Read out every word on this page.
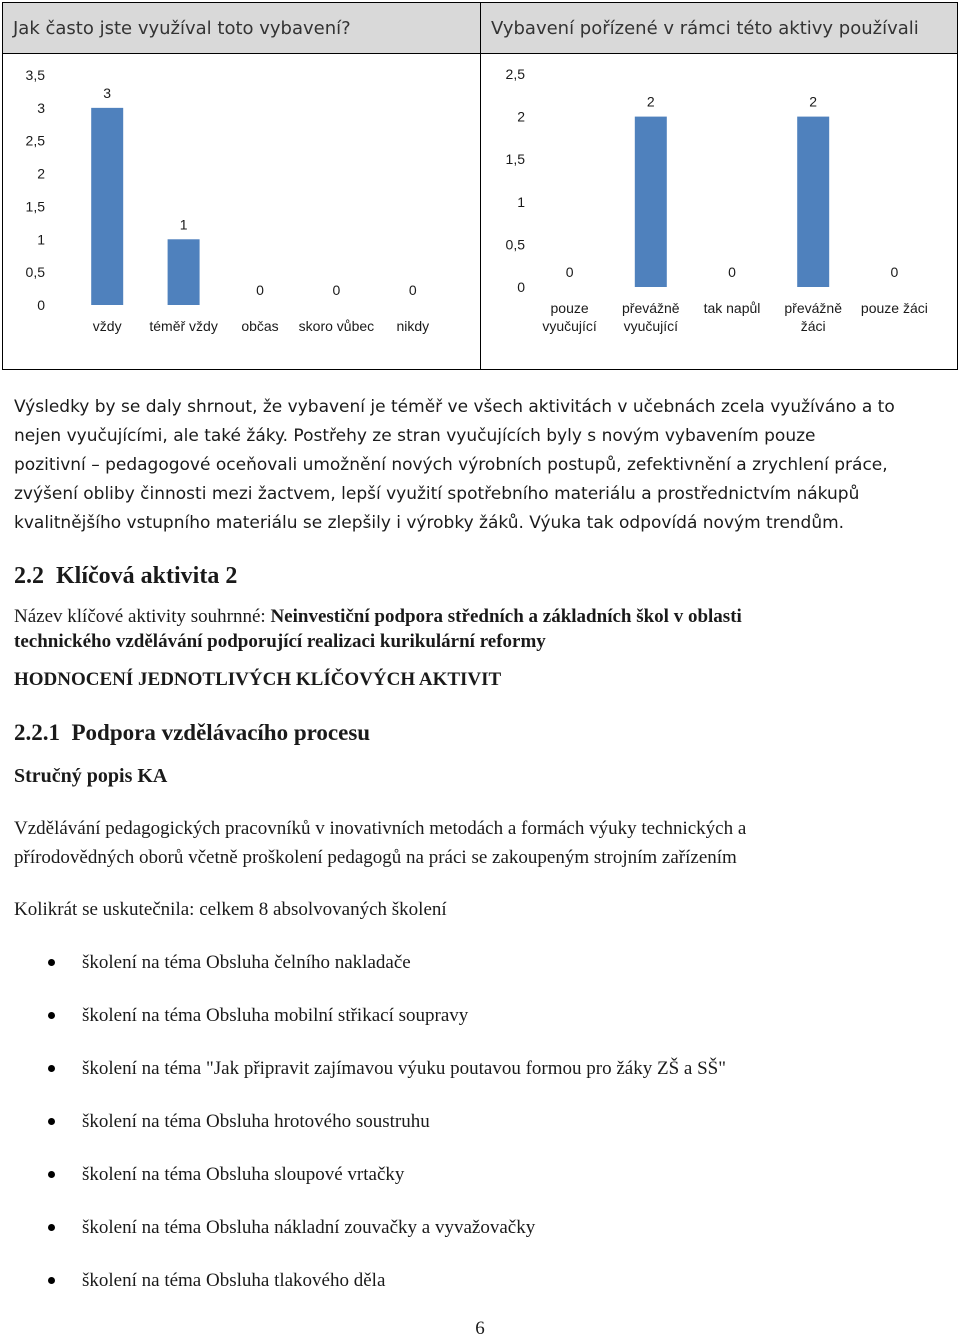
Jak často jste využíval toto vybavení?	Vybavení pořízené v rámci této aktivy používali
0
0,5
1
1,5
2
2,5
3
3,5
3
vždy
1
téměř vždy
0
občas
0
skoro vůbec
0
nikdy
0
0,5
1
1,5
2
2,5
0
pouze
vyučující
2
převážně
vyučující
0
tak napůl
2
převážně
žáci
0
pouze žáci
Výsledky by se daly shrnout, že vybavení je téměř ve všech aktivitách v učebnách zcela využíváno a to
nejen vyučujícími, ale také žáky. Postřehy ze stran vyučujících byly s novým vybavením pouze
pozitivní – pedagogové oceňovali umožnění nových výrobních postupů, zefektivnění a zrychlení práce,
zvýšení obliby činnosti mezi žactvem, lepší využití spotřebního materiálu a prostřednictvím nákupů
kvalitnějšího vstupního materiálu se zlepšily i výrobky žáků. Výuka tak odpovídá novým trendům.
2.2 Klíčová aktivita 2
Název klíčové aktivity souhrnné: Neinvestiční podpora středních a základních škol v oblasti
technického vzdělávání podporující realizaci kurikulární reformy
HODNOCENÍ JEDNOTLIVÝCH KLÍČOVÝCH AKTIVIT
2.2.1 Podpora vzdělávacího procesu
Stručný popis KA
Vzdělávání pedagogických pracovníků v inovativních metodách a formách výuky technických a
přírodovědných oborů včetně proškolení pedagogů na práci se zakoupeným strojním zařízením
Kolikrát se uskutečnila: celkem 8 absolvovaných školení
školení na téma Obsluha čelního nakladače
školení na téma Obsluha mobilní střikací soupravy
školení na téma "Jak připravit zajímavou výuku poutavou formou pro žáky ZŠ a SŠ"
školení na téma Obsluha hrotového soustruhu
školení na téma Obsluha sloupové vrtačky
školení na téma Obsluha nákladní zouvačky a vyvažovačky
školení na téma Obsluha tlakového děla
6
